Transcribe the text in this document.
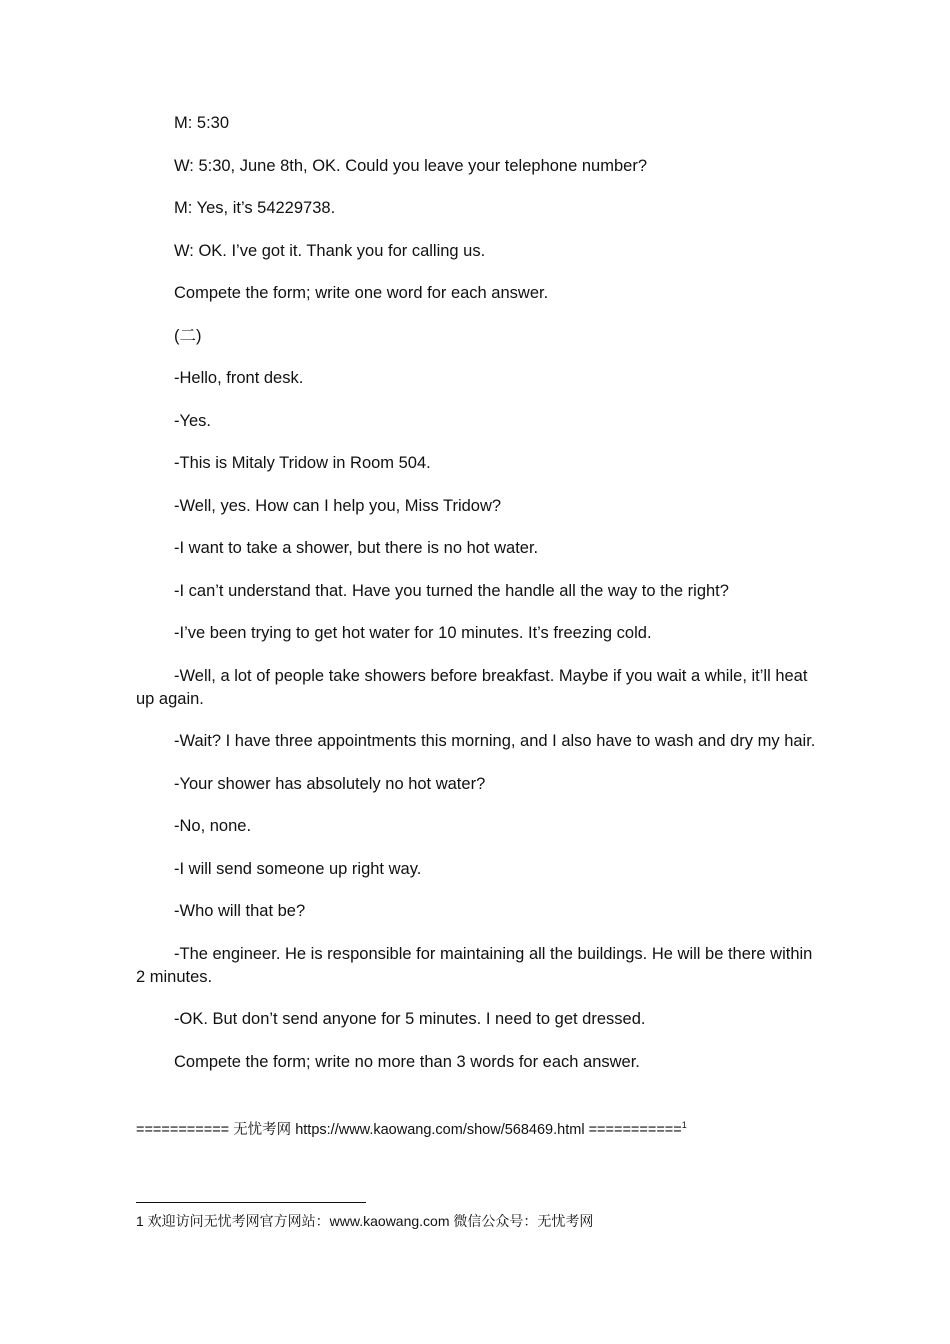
M: 5:30

W: 5:30, June 8th, OK. Could you leave your telephone number?

M: Yes, it’s 54229738.

W: OK. I’ve got it. Thank you for calling us.

Compete the form; write one word for each answer.

(二)

-Hello, front desk.

-Yes.

-This is Mitaly Tridow in Room 504.

-Well, yes. How can I help you, Miss Tridow?

-I want to take a shower, but there is no hot water.

-I can’t understand that. Have you turned the handle all the way to the right?

-I’ve been trying to get hot water for 10 minutes. It’s freezing cold.

-Well, a lot of people take showers before breakfast. Maybe if you wait a while, it’ll heat up again.

-Wait? I have three appointments this morning, and I also have to wash and dry my hair.

-Your shower has absolutely no hot water?

-No, none.

-I will send someone up right way.

-Who will that be?

-The engineer. He is responsible for maintaining all the buildings. He will be there within 2 minutes.

-OK. But don’t send anyone for 5 minutes. I need to get dressed.

Compete the form; write no more than 3 words for each answer.

=========== 无忧考网 https://www.kaowang.com/show/568469.html ===========$^1$
1 欢迎访问无忧考网官方网站：www.kaowang.com 微信公众号：无忧考网
